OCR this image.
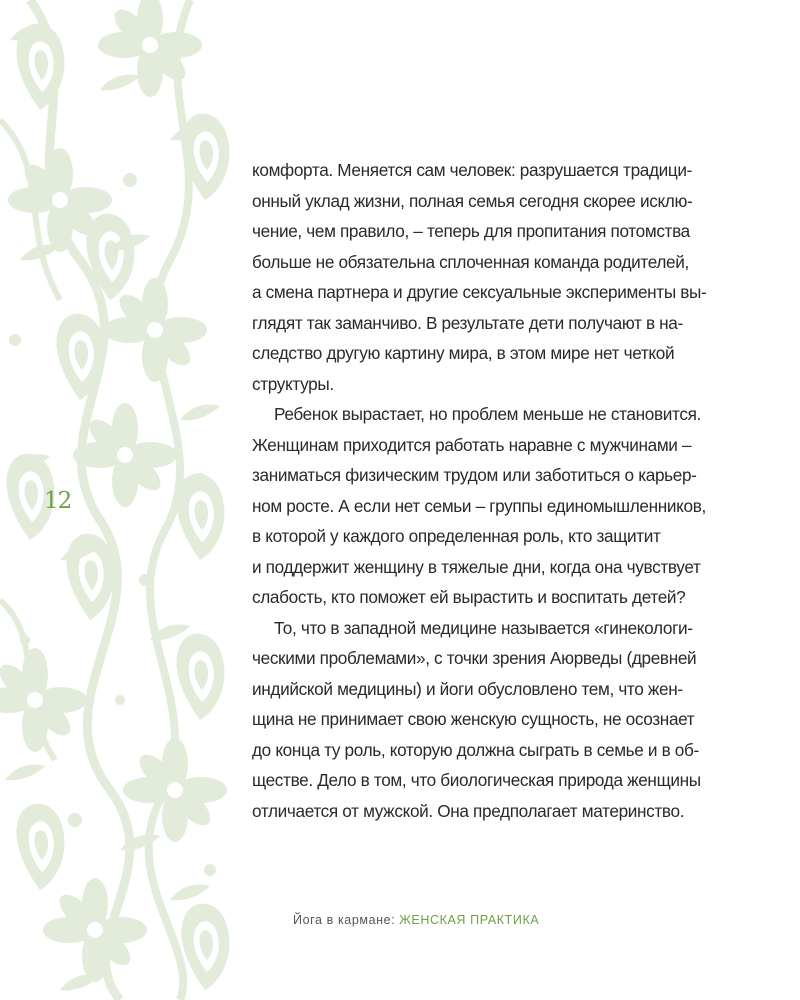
12
комфорта. Меняется сам человек: разрушается традици-
онный уклад жизни, полная семья сегодня скорее исклю-
чение, чем правило, – теперь для пропитания потомства
больше не обязательна сплоченная команда родителей,
а смена партнера и другие сексуальные эксперименты вы-
глядят так заманчиво. В результате дети получают в на-
следство другую картину мира, в этом мире нет четкой
структуры.
Ребенок вырастает, но проблем меньше не становится.
Женщинам приходится работать наравне с мужчинами –
заниматься физическим трудом или заботиться о карьер-
ном росте. А если нет семьи – группы единомышленников,
в которой у каждого определенная роль, кто защитит
и поддержит женщину в тяжелые дни, когда она чувствует
слабость, кто поможет ей вырастить и воспитать детей?
То, что в западной медицине называется «гинекологи-
ческими проблемами», с точки зрения Аюрведы (древней
индийской медицины) и йоги обусловлено тем, что жен-
щина не принимает свою женскую сущность, не осознает
до конца ту роль, которую должна сыграть в семье и в об-
ществе. Дело в том, что биологическая природа женщины
отличается от мужской. Она предполагает материнство.
Йога в кармане: ЖЕНСКАЯ ПРАКТИКА
